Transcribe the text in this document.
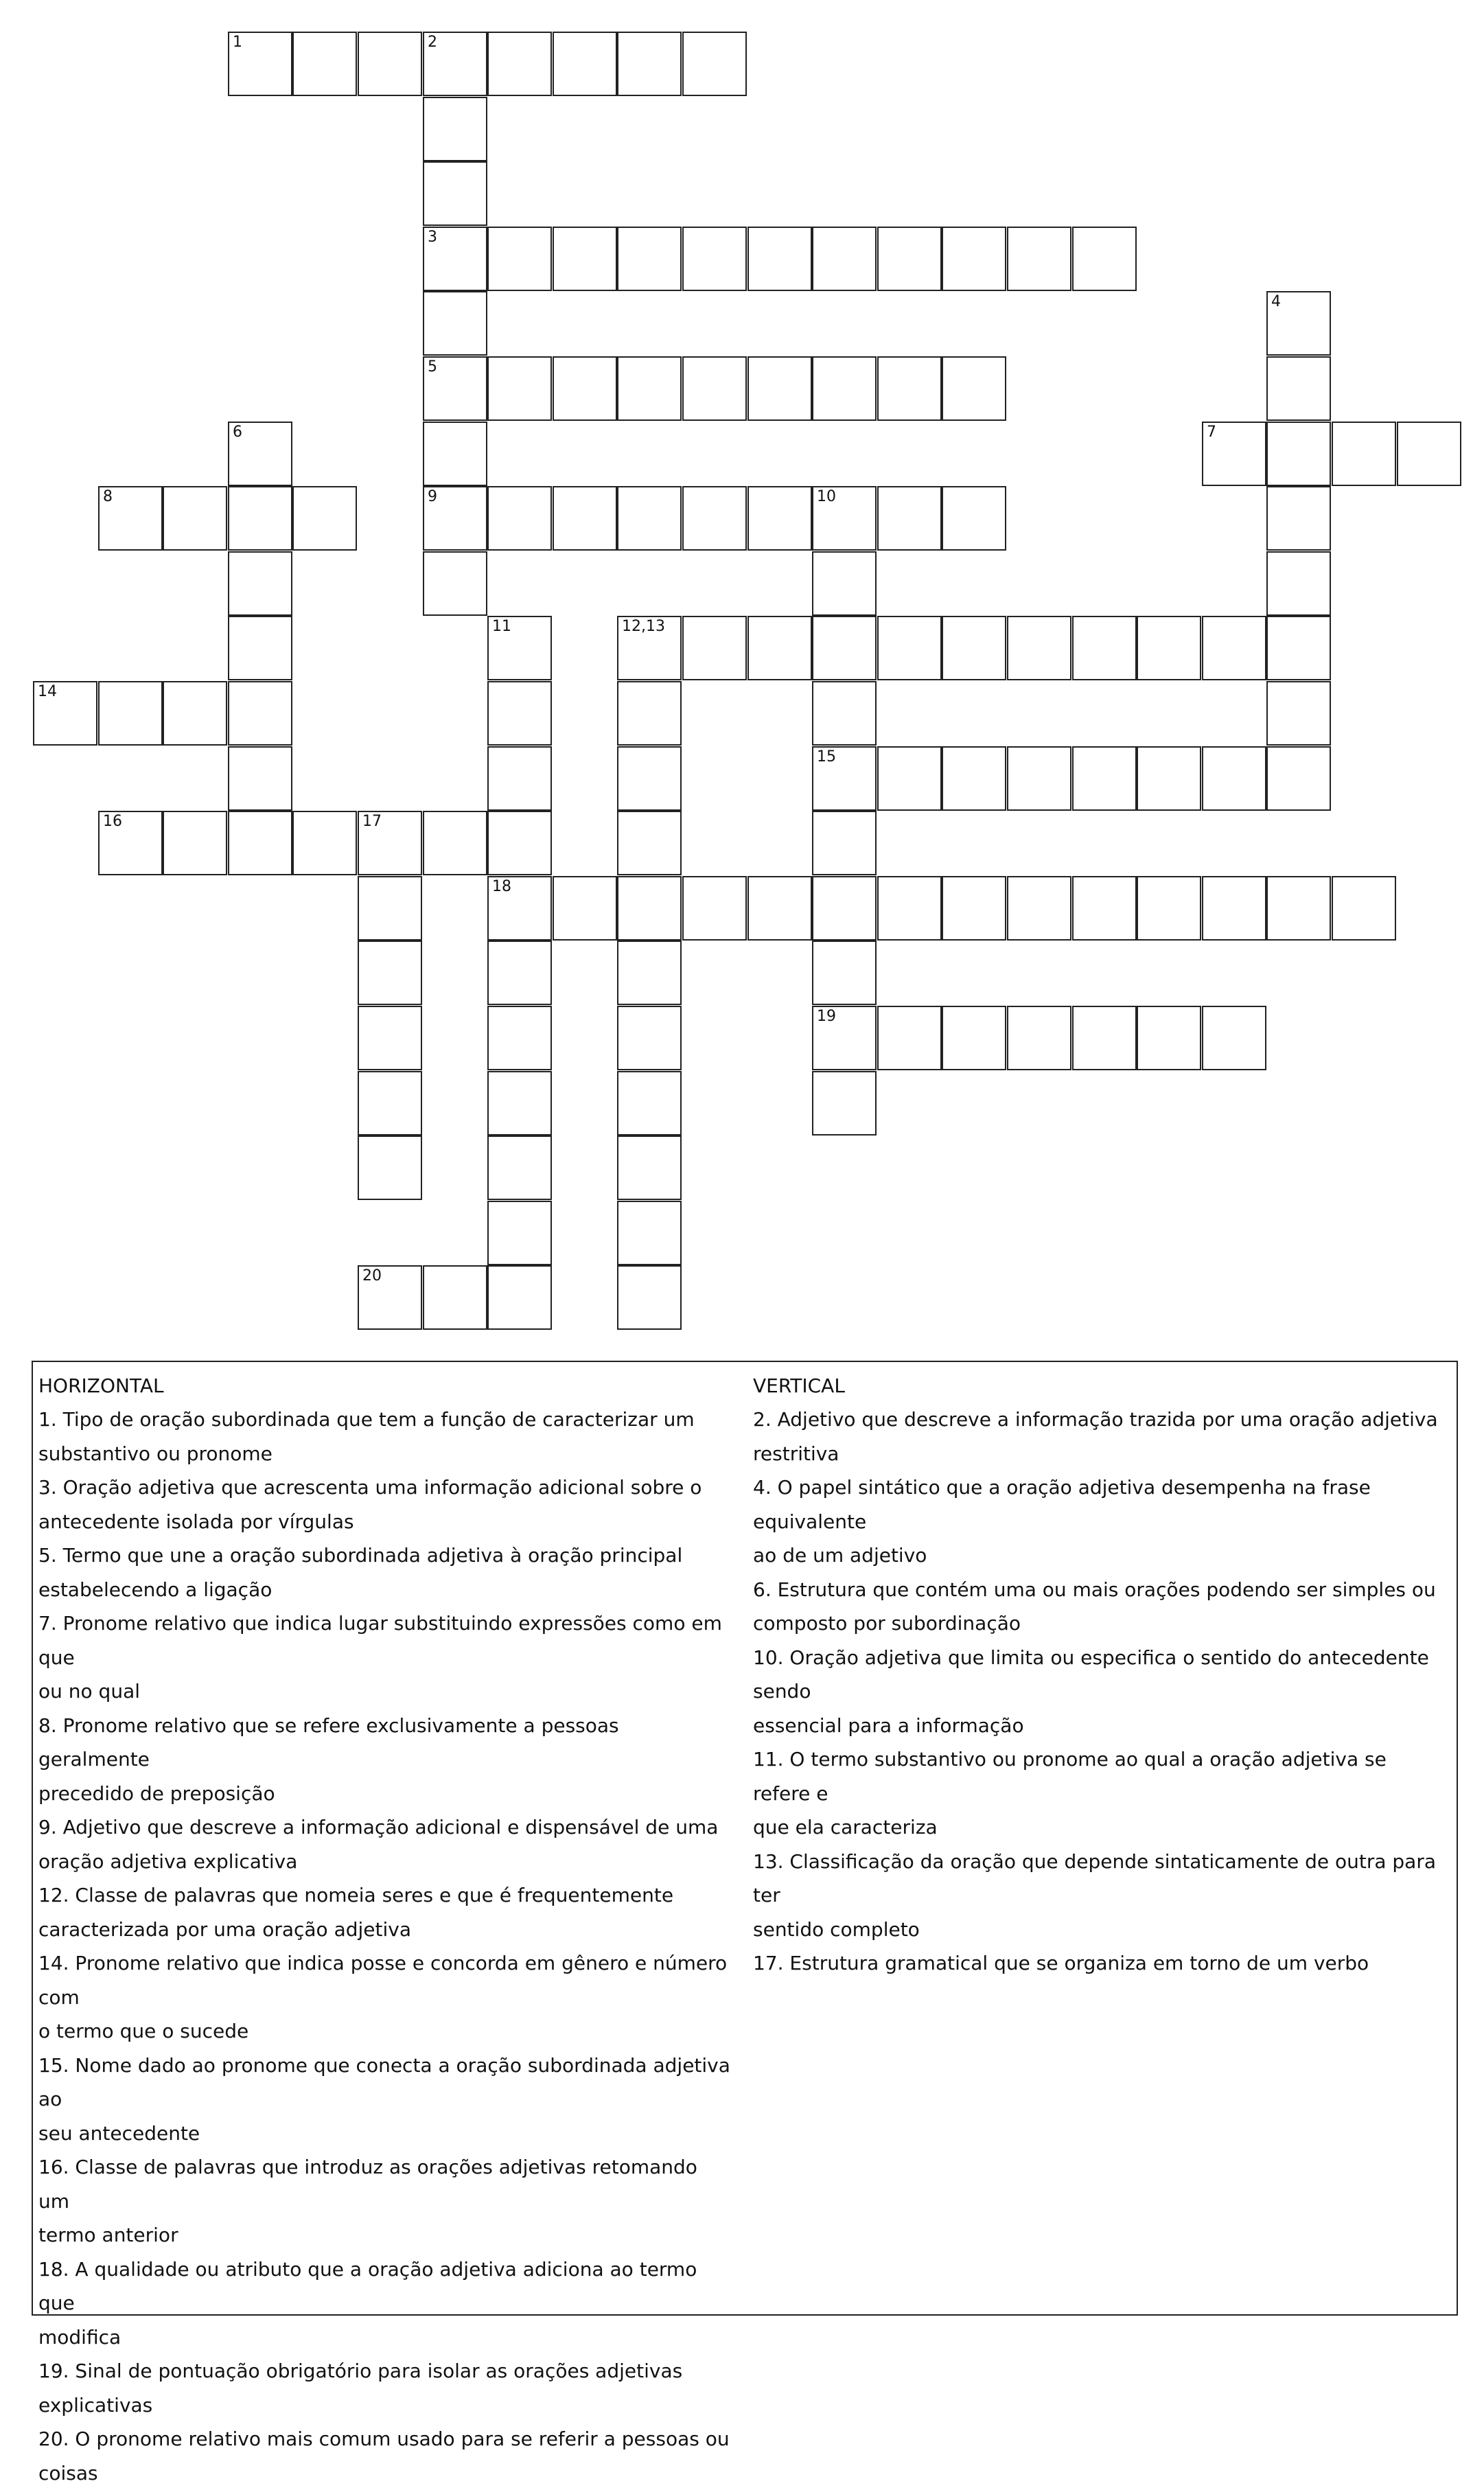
1	2
3
5
9
4
6	7
8	10
15
19
11
18
12,13
14
16	17
20
HORIZONTAL
1. Tipo de oração subordinada que tem a função de caracterizar um
substantivo ou pronome
3. Oração adjetiva que acrescenta uma informação adicional sobre o
antecedente isolada por vírgulas
5. Termo que une a oração subordinada adjetiva à oração principal
estabelecendo a ligação
7. Pronome relativo que indica lugar substituindo expressões como em que
ou no qual
8. Pronome relativo que se refere exclusivamente a pessoas geralmente
precedido de preposição
9. Adjetivo que descreve a informação adicional e dispensável de uma
oração adjetiva explicativa
12. Classe de palavras que nomeia seres e que é frequentemente
caracterizada por uma oração adjetiva
14. Pronome relativo que indica posse e concorda em gênero e número com
o termo que o sucede
15. Nome dado ao pronome que conecta a oração subordinada adjetiva ao
seu antecedente
16. Classe de palavras que introduz as orações adjetivas retomando um
termo anterior
18. A qualidade ou atributo que a oração adjetiva adiciona ao termo que
modifica
19. Sinal de pontuação obrigatório para isolar as orações adjetivas
explicativas
20. O pronome relativo mais comum usado para se referir a pessoas ou
coisas
VERTICAL
2. Adjetivo que descreve a informação trazida por uma oração adjetiva
restritiva
4. O papel sintático que a oração adjetiva desempenha na frase equivalente
ao de um adjetivo
6. Estrutura que contém uma ou mais orações podendo ser simples ou
composto por subordinação
10. Oração adjetiva que limita ou especifica o sentido do antecedente sendo
essencial para a informação
11. O termo substantivo ou pronome ao qual a oração adjetiva se refere e
que ela caracteriza
13. Classificação da oração que depende sintaticamente de outra para ter
sentido completo
17. Estrutura gramatical que se organiza em torno de um verbo
